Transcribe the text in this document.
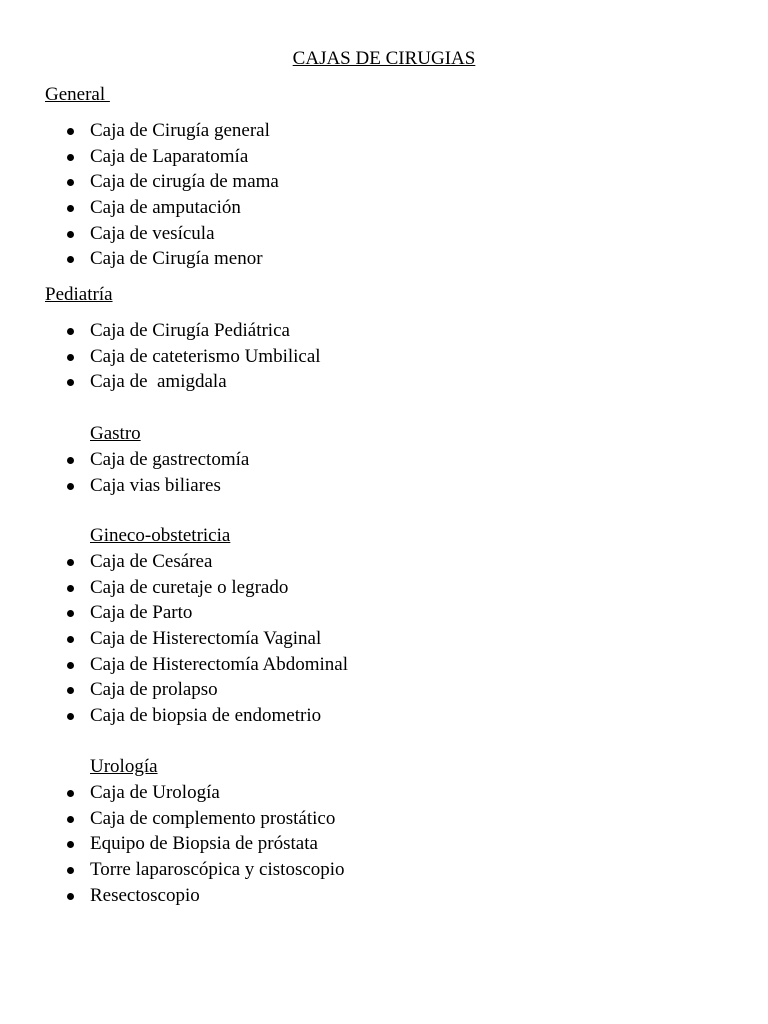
CAJAS DE CIRUGIAS
General
Caja de Cirugía general
Caja de Laparatomía
Caja de cirugía de mama
Caja de amputación
Caja de vesícula
Caja de Cirugía menor
Pediatría
Caja de Cirugía Pediátrica
Caja de cateterismo Umbilical
Caja de  amigdala
Gastro
Caja de gastrectomía
Caja vias biliares
Gineco-obstetricia
Caja de Cesárea
Caja de curetaje o legrado
Caja de Parto
Caja de Histerectomía Vaginal
Caja de Histerectomía Abdominal
Caja de prolapso
Caja de biopsia de endometrio
Urología
Caja de Urología
Caja de complemento prostático
Equipo de Biopsia de próstata
Torre laparoscópica y cistoscopio
Resectoscopio
